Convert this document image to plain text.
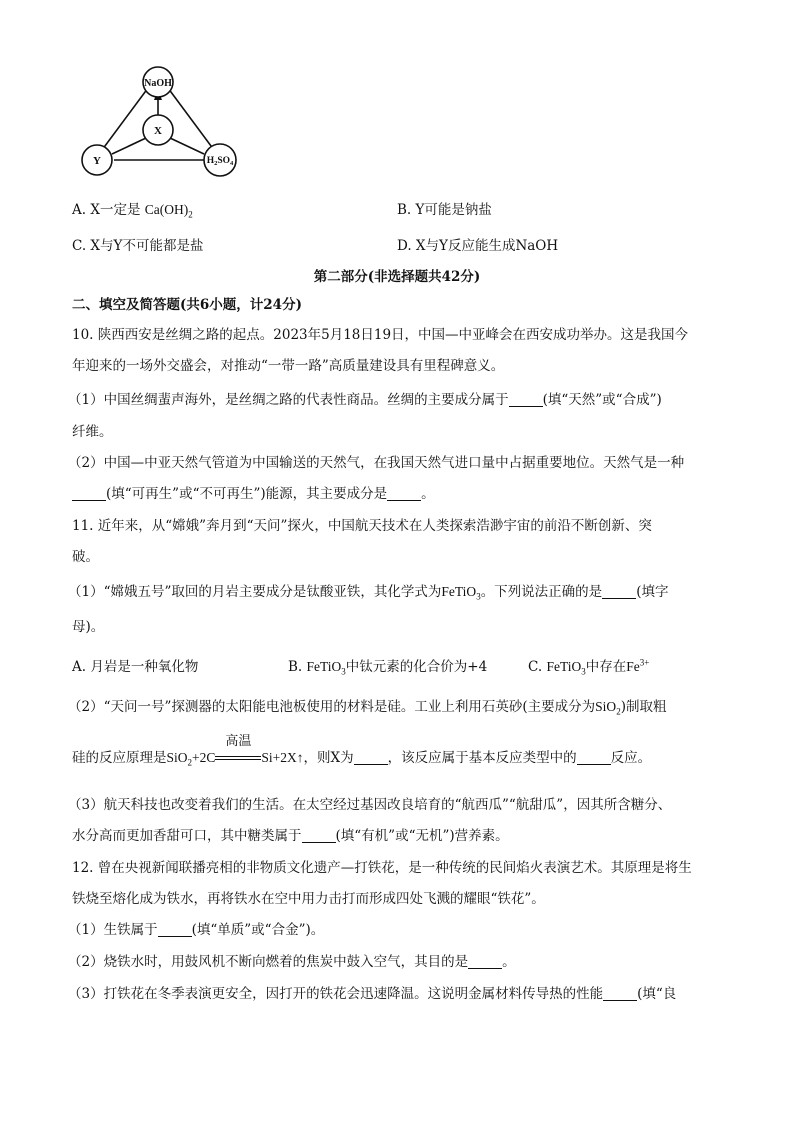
NaOH
X
Y	$H_2SO_4$
A. X一定是 $Ca(OH)_2$	B. Y可能是钠盐
C. X与Y不可能都是盐	D. X与Y反应能生成NaOH
第二部分(非选择题共42分)
二、填空及简答题(共6小题，计24分)
10. 陕西西安是丝绸之路的起点。2023年5月18日19日，中国—中亚峰会在西安成功举办。这是我国今
年迎来的一场外交盛会，对推动“一带一路”高质量建设具有里程碑意义。
（1）中国丝绸蜚声海外，是丝绸之路的代表性商品。丝绸的主要成分属于	(填“天然”或“合成”)
纤维。
（2）中国—中亚天然气管道为中国输送的天然气，在我国天然气进口量中占据重要地位。天然气是一种
(填“可再生”或“不可再生”)能源，其主要成分是	。
11. 近年来，从“嫦娥”奔月到“天问”探火，中国航天技术在人类探索浩渺宇宙的前沿不断创新、突
破。
（1）“嫦娥五号”取回的月岩主要成分是钛酸亚铁，其化学式为FeTiO$_3$。下列说法正确的是	(填字
母)。
A. 月岩是一种氧化物	B. FeTiO$_3$中钛元素的化合价为+4	C. FeTiO$_3$中存在$Fe^{3+}$
（2）“天问一号”探测器的太阳能电池板使用的材料是硅。工业上利用石英砂(主要成分为SiO$_2$)制取粗
硅的反应原理是SiO$_2$+2C
高温
Si+2X↑，则X为	，该反应属于基本反应类型中的	反应。
（3）航天科技也改变着我们的生活。在太空经过基因改良培育的“航西瓜”“航甜瓜”，因其所含糖分、
水分高而更加香甜可口，其中糖类属于	(填“有机”或“无机”)营养素。
12. 曾在央视新闻联播亮相的非物质文化遗产—打铁花，是一种传统的民间焰火表演艺术。其原理是将生
铁烧至熔化成为铁水，再将铁水在空中用力击打而形成四处飞溅的耀眼“铁花”。
（1）生铁属于	(填“单质”或“合金”)。
（2）烧铁水时，用鼓风机不断向燃着的焦炭中鼓入空气，其目的是	。
（3）打铁花在冬季表演更安全，因打开的铁花会迅速降温。这说明金属材料传导热的性能	(填“良
